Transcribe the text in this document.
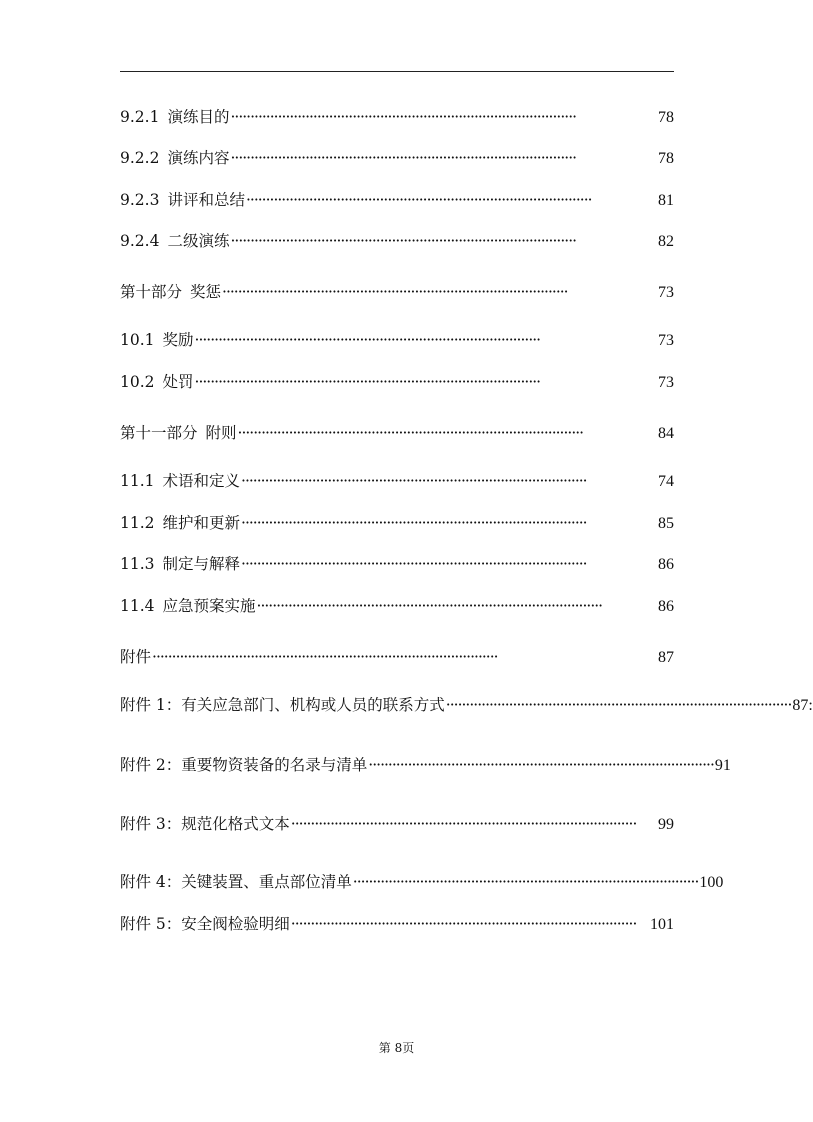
9.2.1 演练目的 ························································································	78
9.2.2 演练内容 ························································································	78
9.2.3 讲评和总结 ························································································	81
9.2.4 二级演练 ························································································	82
第十部分 奖惩 ························································································	73
10.1 奖励 ························································································	73
10.2 处罚 ························································································	73
第十一部分 附则 ························································································	84
11.1 术语和定义 ························································································	74
11.2 维护和更新 ························································································	85
11.3 制定与解释 ························································································	86
11.4 应急预案实施 ························································································	86
附件 ························································································	87
附件 1：有关应急部门、机构或人员的联系方式 ························································································ 87:
附件 2：重要物资装备的名录与清单 ························································································ 91
附件 3：规范化格式文本 ························································································	99
附件 4：关键装置、重点部位清单 ························································································ 100
附件 5：安全阀检验明细 ························································································ 101
第 8页
